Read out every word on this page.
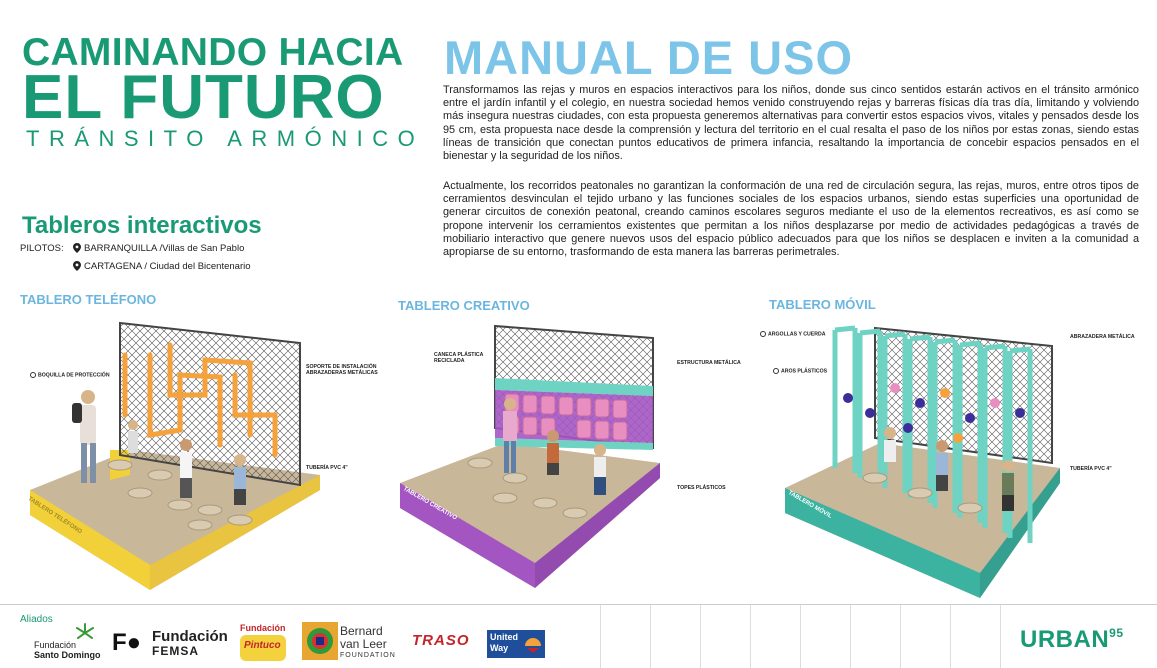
CAMINANDO HACIA
EL FUTURO
TRÁNSITO ARMÓNICO
MANUAL DE USO
Transformamos las rejas y muros en espacios interactivos para los niños, donde sus cinco sentidos estarán activos en el tránsito armónico entre el jardín infantil y el colegio, en nuestra sociedad hemos venido construyendo rejas y barreras físicas día tras día, limitando y volviendo más insegura nuestras ciudades, con esta propuesta generemos alternativas para convertir estos espacios vivos, vitales y pensados desde los 95 cm, esta propuesta nace desde la comprensión y lectura del territorio en el cual resalta el paso de los niños por estas zonas, siendo estas líneas de transición que conectan puntos educativos de primera infancia, resaltando la importancia de concebir espacios pensados en el bienestar y la seguridad de los niños.
Actualmente, los recorridos peatonales no garantizan la conformación de una red de circulación segura, las rejas, muros, entre otros tipos de cerramientos desvinculan el tejido urbano y las funciones sociales de los espacios urbanos, siendo estas superficies una oportunidad de generar circuitos de conexión peatonal, creando caminos escolares seguros mediante el uso de la elementos recreativos, es así como se propone intervenir los cerramientos existentes que permitan a los niños desplazarse por medio de actividades pedagógicas a través de mobiliario interactivo que genere nuevos usos del espacio público adecuados para que los niños se desplacen e inviten a la comunidad a apropiarse de su entorno, trasformando de esta manera las barreras perimetrales.
Tableros interactivos
PILOTOS:	BARRANQUILLA /Villas de San Pablo
CARTAGENA / Ciudad del Bicentenario
TABLERO TELÉFONO	TABLERO CREATIVO	TABLERO MÓVIL
TABLERO TELÉFONO
BOQUILLA DE PROTECCIÓN
SOPORTE DE INSTALACIÓN ABRAZADERAS METÁLICAS
TUBERÍA PVC 4"
TABLERO CREATIVO
CANECA PLÁSTICA RECICLADA	ESTRUCTURA METÁLICA
TOPES PLÁSTICOS
TABLERO MÓVIL
ARGOLLAS Y CUERDA	ABRAZADERA METÁLICA
AROS PLÁSTICOS
TUBERÍA PVC 4"
Aliados
Fundación
Santo Domingo F● Fundación
FEMSA
Fundación
Pintuco
Bernard
van Leer
FOUNDATION
TRASO United
Way	URBAN$^{95}$
